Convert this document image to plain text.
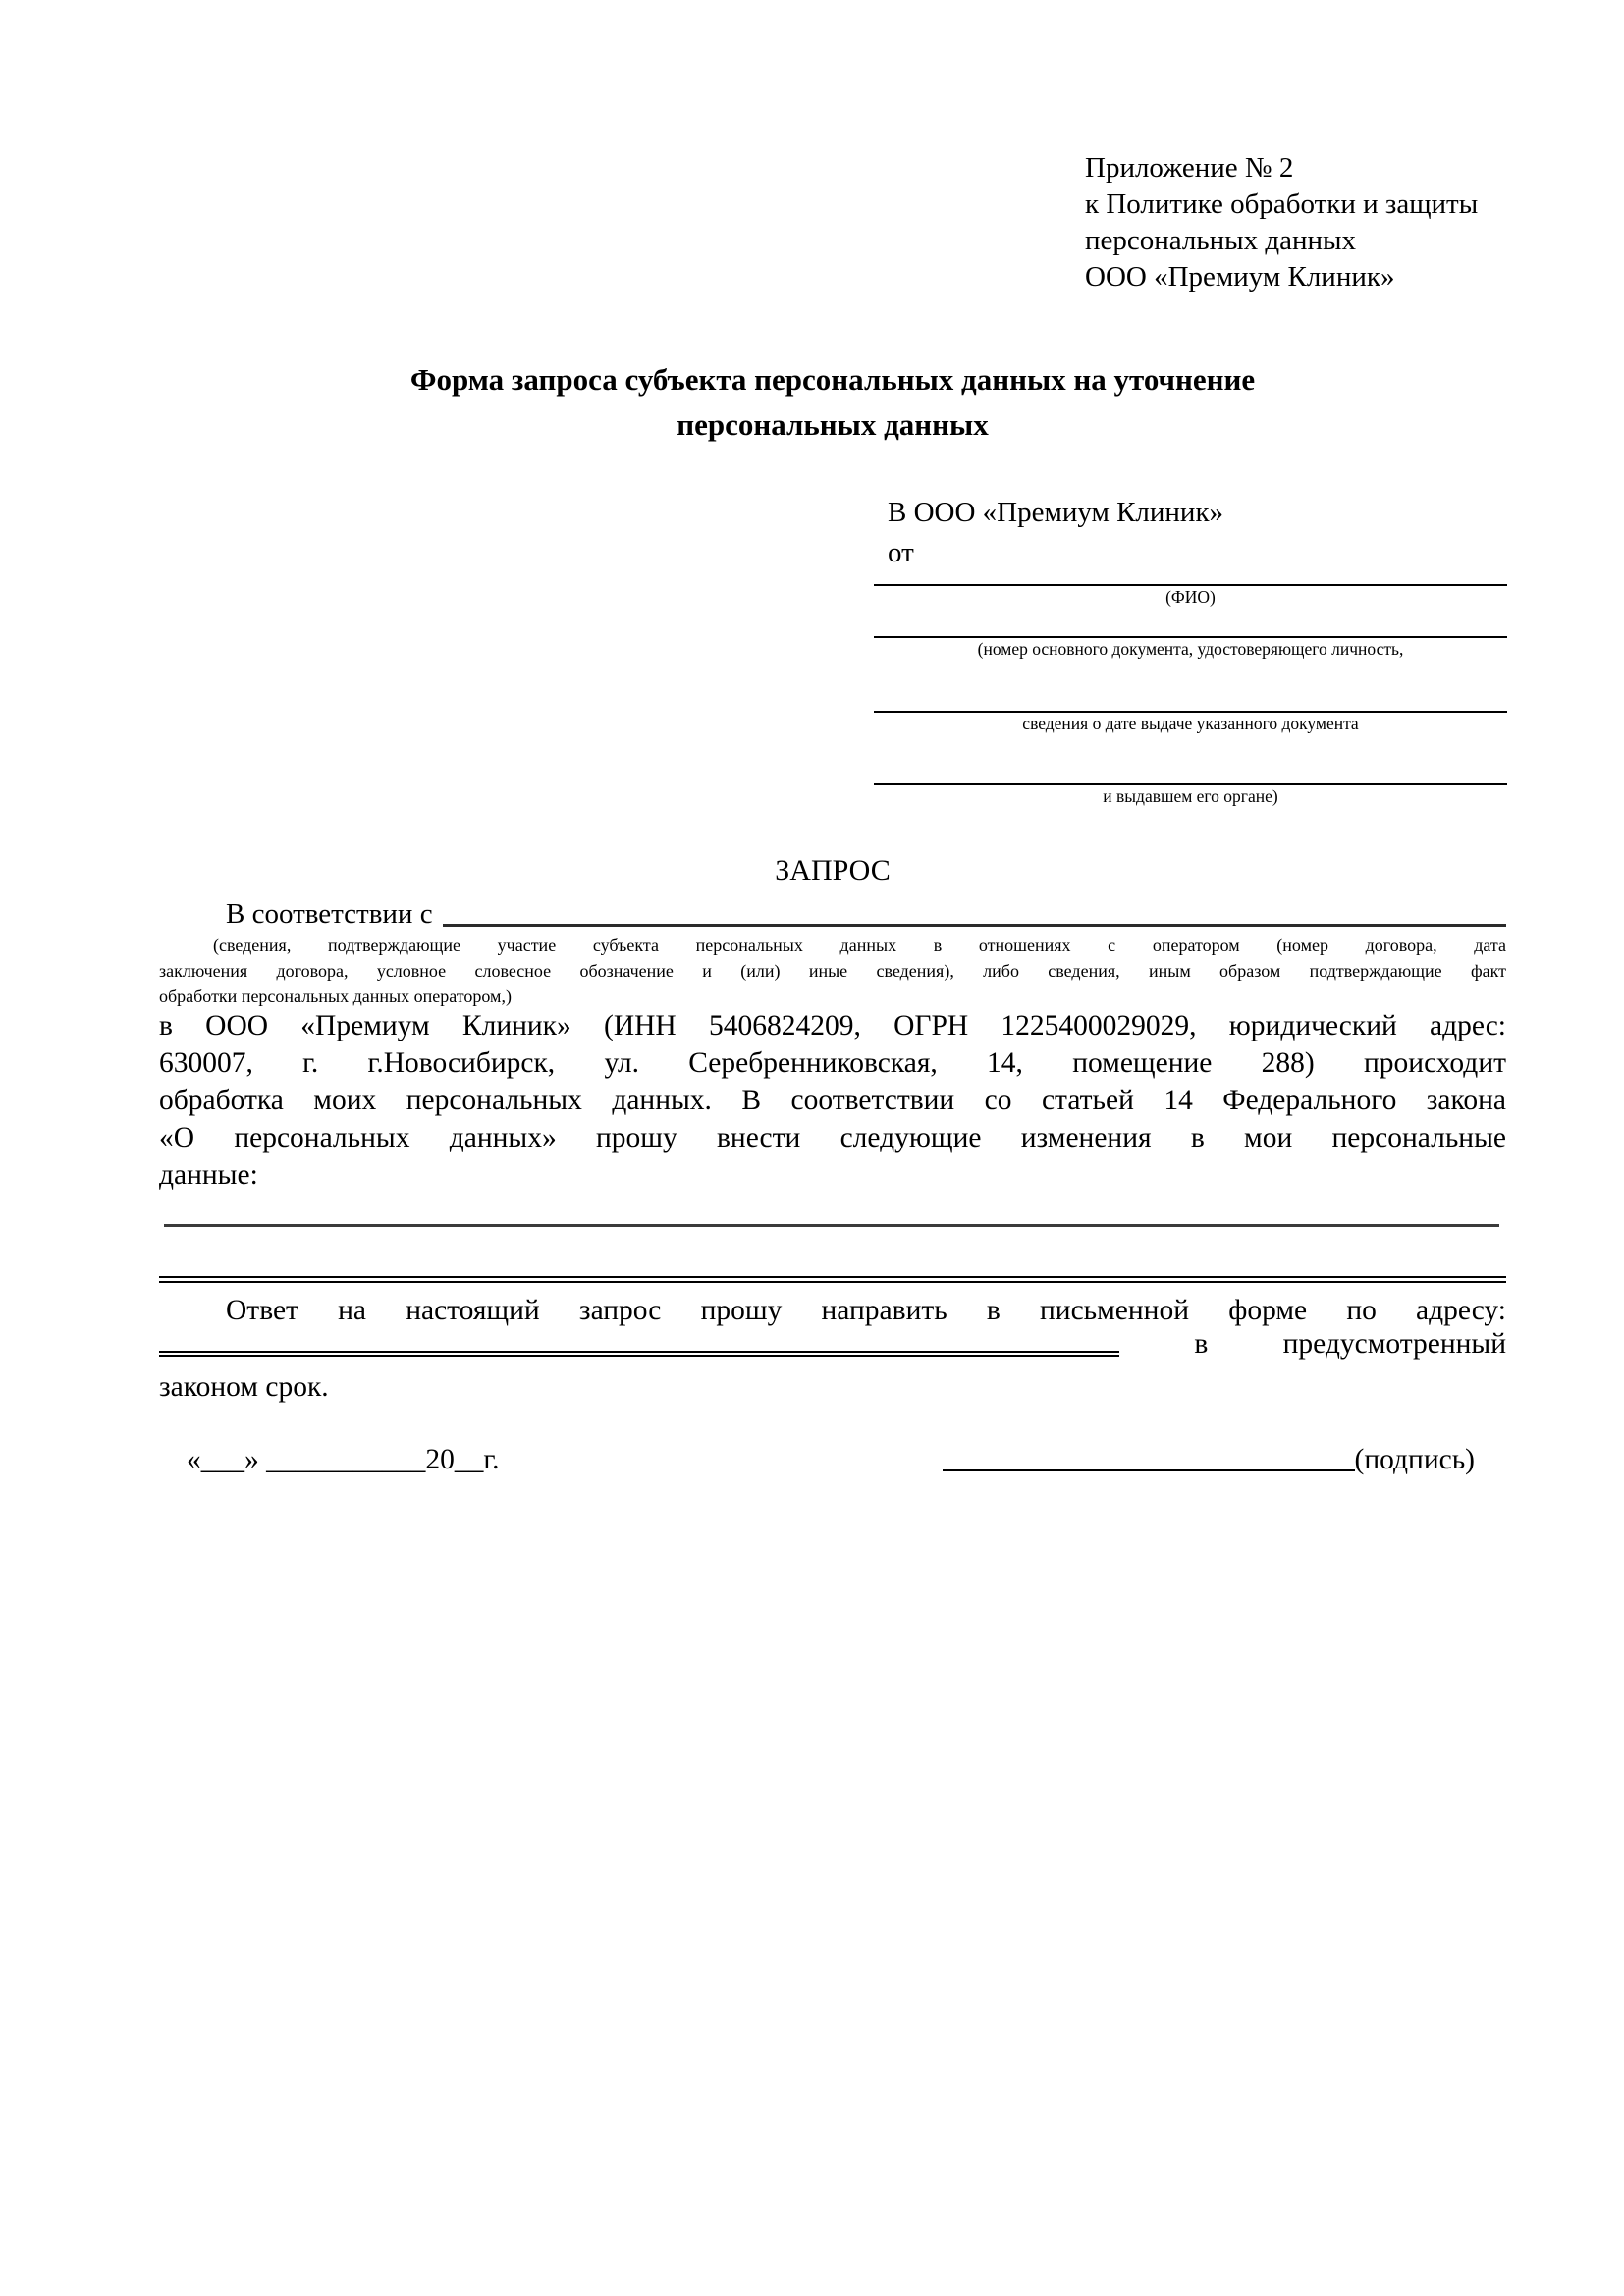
Приложение № 2
к Политике обработки и защиты
персональных данных
ООО «Премиум Клиник»
Форма запроса субъекта персональных данных на уточнение
персональных данных
В ООО «Премиум Клиник»
от
(ФИО)
(номер основного документа, удостоверяющего личность,
сведения о дате выдаче указанного документа
и выдавшем его органе)
ЗАПРОС
В соответствии с
(сведения, подтверждающие участие субъекта персональных данных в отношениях с оператором (номер договора, дата
заключения договора, условное словесное обозначение и (или) иные сведения), либо сведения, иным образом подтверждающие факт
обработки персональных данных оператором,)
в ООО «Премиум Клиник» (ИНН 5406824209, ОГРН 1225400029029, юридический адрес:
630007, г. г.Новосибирск, ул. Серебренниковская, 14, помещение 288) происходит
обработка моих персональных данных. В соответствии со статьей 14 Федерального закона
«О персональных данных» прошу внести следующие изменения в мои персональные
данные:
Ответ на настоящий запрос прошу направить в письменной форме по адресу:
в	предусмотренный
законом срок.
«___» ___________20__г.	(подпись)
